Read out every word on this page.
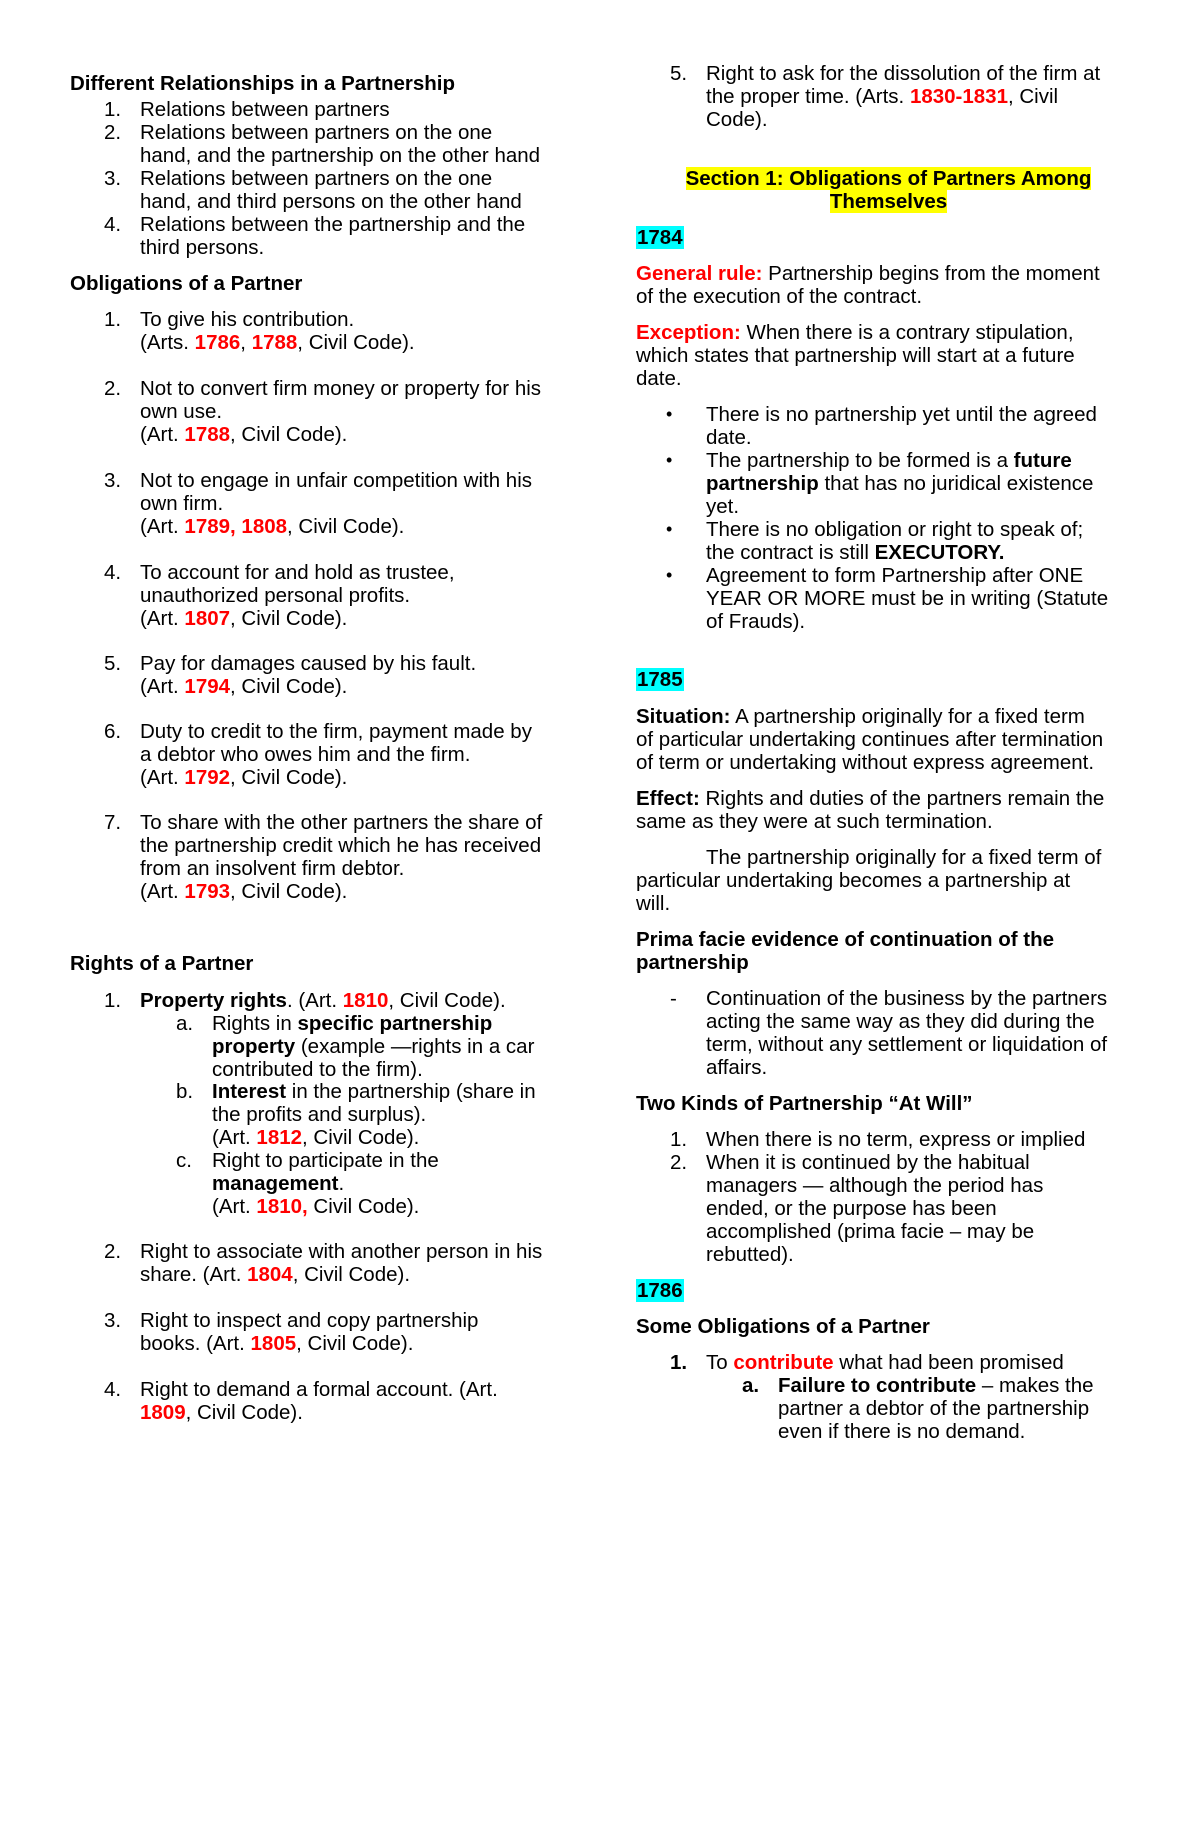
Different Relationships in a Partnership
1. Relations between partners
2. Relations between partners on the one
hand, and the partnership on the other hand
3. Relations between partners on the one
hand, and third persons on the other hand
4. Relations between the partnership and the
third persons.
Obligations of a Partner
1. To give his contribution.
(Arts. 1786, 1788, Civil Code).
2. Not to convert firm money or property for his
own use.
(Art. 1788, Civil Code).
3. Not to engage in unfair competition with his
own firm.
(Art. 1789, 1808, Civil Code).
4. To account for and hold as trustee,
unauthorized personal profits.
(Art. 1807, Civil Code).
5. Pay for damages caused by his fault.
(Art. 1794, Civil Code).
6. Duty to credit to the firm, payment made by
a debtor who owes him and the firm.
(Art. 1792, Civil Code).
7. To share with the other partners the share of
the partnership credit which he has received
from an insolvent firm debtor.
(Art. 1793, Civil Code).
Rights of a Partner
1. Property rights. (Art. 1810, Civil Code).
a. Rights in specific partnership
property (example —rights in a car
contributed to the firm).
b. Interest in the partnership (share in
the profits and surplus).
(Art. 1812, Civil Code).
c. Right to participate in the
management.
(Art. 1810, Civil Code).
2. Right to associate with another person in his
share. (Art. 1804, Civil Code).
3. Right to inspect and copy partnership
books. (Art. 1805, Civil Code).
4. Right to demand a formal account. (Art.
1809, Civil Code).
5. Right to ask for the dissolution of the firm at
the proper time. (Arts. 1830-1831, Civil
Code).
Section 1: Obligations of Partners Among
Themselves
1784
General rule: Partnership begins from the moment
of the execution of the contract.
Exception: When there is a contrary stipulation,
which states that partnership will start at a future
date.
• There is no partnership yet until the agreed
date.
• The partnership to be formed is a future
partnership that has no juridical existence
yet.
• There is no obligation or right to speak of;
the contract is still EXECUTORY.
• Agreement to form Partnership after ONE
YEAR OR MORE must be in writing (Statute
of Frauds).
1785
Situation: A partnership originally for a fixed term
of particular undertaking continues after termination
of term or undertaking without express agreement.
Effect: Rights and duties of the partners remain the
same as they were at such termination.
The partnership originally for a fixed term of
particular undertaking becomes a partnership at
will.
Prima facie evidence of continuation of the
partnership
- Continuation of the business by the partners
acting the same way as they did during the
term, without any settlement or liquidation of
affairs.
Two Kinds of Partnership “At Will”
1. When there is no term, express or implied
2. When it is continued by the habitual
managers — although the period has
ended, or the purpose has been
accomplished (prima facie – may be
rebutted).
1786
Some Obligations of a Partner
1. To contribute what had been promised
a. Failure to contribute – makes the
partner a debtor of the partnership
even if there is no demand.
